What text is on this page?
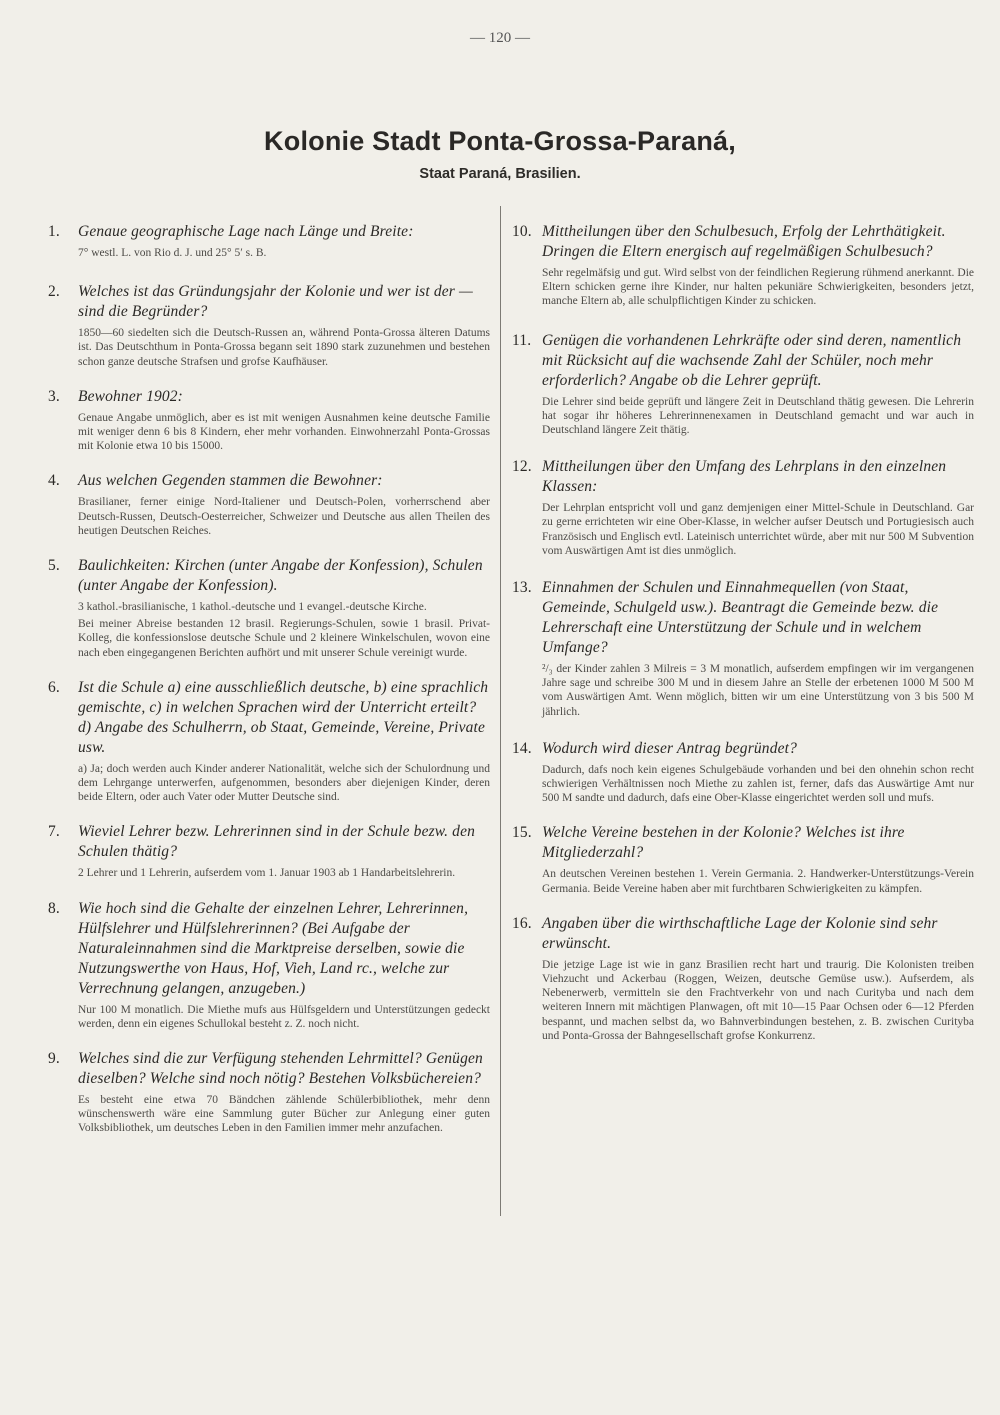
— 120 —
Kolonie Stadt Ponta-Grossa-Paraná,
Staat Paraná, Brasilien.
1. Genaue geographische Lage nach Länge und Breite:

7° westl. L. von Rio d. J. und 25° 5′ s. B.

2. Welches ist das Gründungsjahr der Kolonie und wer ist der — sind die Begründer?

1850—60 siedelten sich die Deutsch-Russen an, während Ponta-Grossa älteren Datums ist. Das Deutschthum in Ponta-Grossa begann seit 1890 stark zuzunehmen und bestehen schon ganze deutsche Strafsen und grofse Kaufhäuser.

3. Bewohner 1902:

Genaue Angabe unmöglich, aber es ist mit wenigen Ausnahmen keine deutsche Familie mit weniger denn 6 bis 8 Kindern, eher mehr vorhanden. Einwohnerzahl Ponta-Grossas mit Kolonie etwa 10 bis 15000.

4. Aus welchen Gegenden stammen die Bewohner:

Brasilianer, ferner einige Nord-Italiener und Deutsch-Polen, vorherrschend aber Deutsch-Russen, Deutsch-Oesterreicher, Schweizer und Deutsche aus allen Theilen des heutigen Deutschen Reiches.

5. Baulichkeiten: Kirchen (unter Angabe der Konfession), Schulen (unter Angabe der Konfession).

3 kathol.-brasilianische, 1 kathol.-deutsche und 1 evangel.-deutsche Kirche.

Bei meiner Abreise bestanden 12 brasil. Regierungs-Schulen, sowie 1 brasil. Privat-Kolleg, die konfessionslose deutsche Schule und 2 kleinere Winkelschulen, wovon eine nach eben eingegangenen Berichten aufhört und mit unserer Schule vereinigt wurde.

6. Ist die Schule a) eine ausschließlich deutsche, b) eine sprachlich gemischte, c) in welchen Sprachen wird der Unterricht erteilt? d) Angabe des Schulherrn, ob Staat, Gemeinde, Vereine, Private usw.

a) Ja; doch werden auch Kinder anderer Nationalität, welche sich der Schulordnung und dem Lehrgange unterwerfen, aufgenommen, besonders aber diejenigen Kinder, deren beide Eltern, oder auch Vater oder Mutter Deutsche sind.

7. Wieviel Lehrer bezw. Lehrerinnen sind in der Schule bezw. den Schulen thätig?

2 Lehrer und 1 Lehrerin, aufserdem vom 1. Januar 1903 ab 1 Handarbeitslehrerin.

8. Wie hoch sind die Gehalte der einzelnen Lehrer, Lehrerinnen, Hülfslehrer und Hülfslehrerinnen? (Bei Aufgabe der Naturaleinnahmen sind die Marktpreise derselben, sowie die Nutzungswerthe von Haus, Hof, Vieh, Land rc., welche zur Verrechnung gelangen, anzugeben.)

Nur 100 M monatlich. Die Miethe mufs aus Hülfsgeldern und Unterstützungen gedeckt werden, denn ein eigenes Schullokal besteht z. Z. noch nicht.

9. Welches sind die zur Verfügung stehenden Lehrmittel? Genügen dieselben? Welche sind noch nötig? Bestehen Volksbüchereien?

Es besteht eine etwa 70 Bändchen zählende Schülerbibliothek, mehr denn wünschenswerth wäre eine Sammlung guter Bücher zur Anlegung einer guten Volksbibliothek, um deutsches Leben in den Familien immer mehr anzufachen.

10. Mittheilungen über den Schulbesuch, Erfolg der Lehrthätigkeit. Dringen die Eltern energisch auf regelmäßigen Schulbesuch?

Sehr regelmäfsig und gut. Wird selbst von der feindlichen Regierung rühmend anerkannt. Die Eltern schicken gerne ihre Kinder, nur halten pekuniäre Schwierigkeiten, besonders jetzt, manche Eltern ab, alle schulpflichtigen Kinder zu schicken.

11. Genügen die vorhandenen Lehrkräfte oder sind deren, namentlich mit Rücksicht auf die wachsende Zahl der Schüler, noch mehr erforderlich? Angabe ob die Lehrer geprüft.

Die Lehrer sind beide geprüft und längere Zeit in Deutschland thätig gewesen. Die Lehrerin hat sogar ihr höheres Lehrerinnenexamen in Deutschland gemacht und war auch in Deutschland längere Zeit thätig.

12. Mittheilungen über den Umfang des Lehrplans in den einzelnen Klassen:

Der Lehrplan entspricht voll und ganz demjenigen einer Mittel-Schule in Deutschland. Gar zu gerne errichteten wir eine Ober-Klasse, in welcher aufser Deutsch und Portugiesisch auch Französisch und Englisch evtl. Lateinisch unterrichtet würde, aber mit nur 500 M Subvention vom Auswärtigen Amt ist dies unmöglich.

13. Einnahmen der Schulen und Einnahmequellen (von Staat, Gemeinde, Schulgeld usw.). Beantragt die Gemeinde bezw. die Lehrerschaft eine Unterstützung der Schule und in welchem Umfange?

²/₃ der Kinder zahlen 3 Milreis = 3 M monatlich, aufserdem empfingen wir im vergangenen Jahre sage und schreibe 300 M und in diesem Jahre an Stelle der erbetenen 1000 M 500 M vom Auswärtigen Amt. Wenn möglich, bitten wir um eine Unterstützung von 3 bis 500 M jährlich.

14. Wodurch wird dieser Antrag begründet?

Dadurch, dafs noch kein eigenes Schulgebäude vorhanden und bei den ohnehin schon recht schwierigen Verhältnissen noch Miethe zu zahlen ist, ferner, dafs das Auswärtige Amt nur 500 M sandte und dadurch, dafs eine Ober-Klasse eingerichtet werden soll und mufs.

15. Welche Vereine bestehen in der Kolonie? Welches ist ihre Mitgliederzahl?

An deutschen Vereinen bestehen 1. Verein Germania. 2. Handwerker-Unterstützungs-Verein Germania. Beide Vereine haben aber mit furchtbaren Schwierigkeiten zu kämpfen.

16. Angaben über die wirthschaftliche Lage der Kolonie sind sehr erwünscht.

Die jetzige Lage ist wie in ganz Brasilien recht hart und traurig. Die Kolonisten treiben Viehzucht und Ackerbau (Roggen, Weizen, deutsche Gemüse usw.). Aufserdem, als Nebenerwerb, vermitteln sie den Frachtverkehr von und nach Curityba und nach dem weiteren Innern mit mächtigen Planwagen, oft mit 10—15 Paar Ochsen oder 6—12 Pferden bespannt, und machen selbst da, wo Bahnverbindungen bestehen, z. B. zwischen Curityba und Ponta-Grossa der Bahngesellschaft grofse Konkurrenz.
